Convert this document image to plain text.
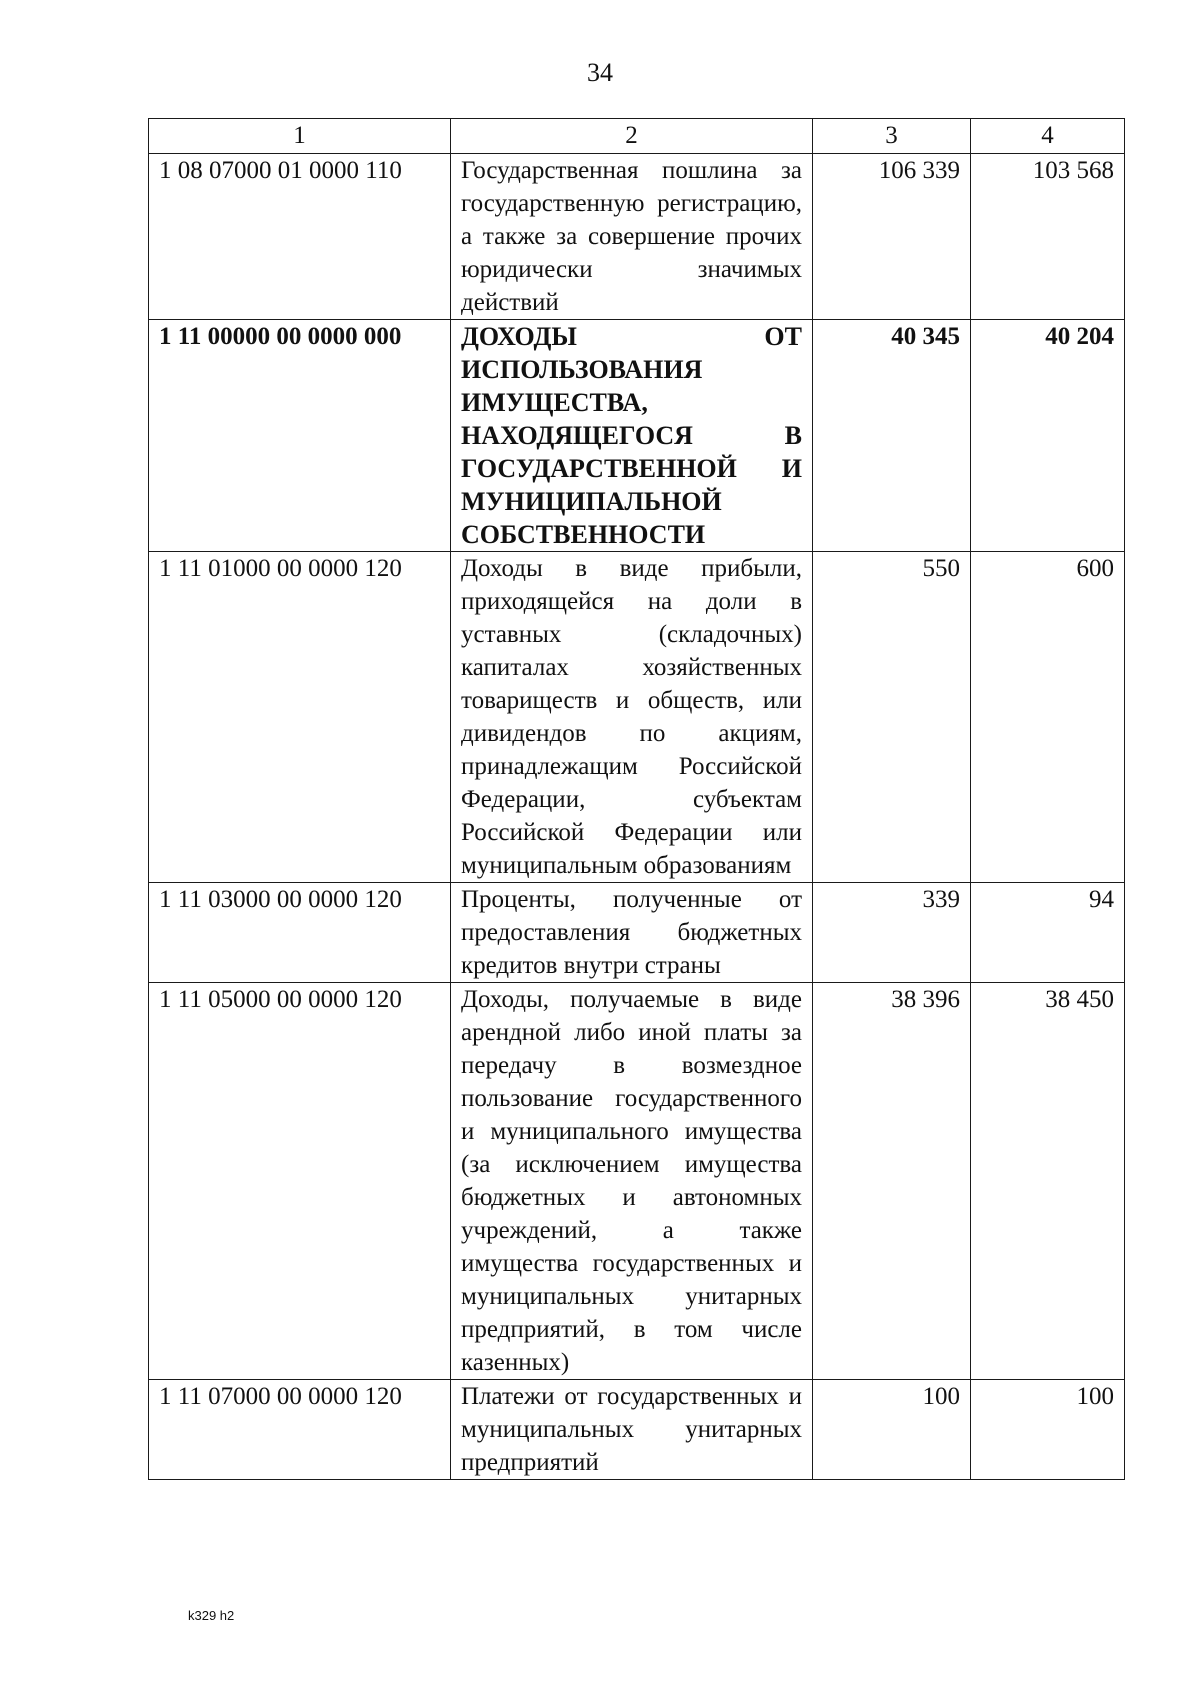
34
1	2	3	4
1 08 07000 01 0000 110	Государственная пошлина за государственную регистрацию, а также за совершение прочих юридически значимых действий	106 339	103 568
1 11 00000 00 0000 000	ДОХОДЫ ОТ ИСПОЛЬЗОВАНИЯ ИМУЩЕСТВА, НАХОДЯЩЕГОСЯ В ГОСУДАРСТВЕННОЙ И МУНИЦИПАЛЬНОЙ СОБСТВЕННОСТИ	40 345	40 204
1 11 01000 00 0000 120	Доходы в виде прибыли, приходящейся на доли в уставных (складочных) капиталах хозяйственных товариществ и обществ, или дивидендов по акциям, принадлежащим Российской Федерации, субъектам Российской Федерации или муниципальным образованиям	550	600
1 11 03000 00 0000 120	Проценты, полученные от предоставления бюджетных кредитов внутри страны	339	94
1 11 05000 00 0000 120	Доходы, получаемые в виде арендной либо иной платы за передачу в возмездное пользование государственного и муниципального имущества (за исключением имущества бюджетных и автономных учреждений, а также имущества государственных и муниципальных унитарных предприятий, в том числе казенных)	38 396	38 450
1 11 07000 00 0000 120	Платежи от государственных и муниципальных унитарных предприятий	100	100
k329 h2
